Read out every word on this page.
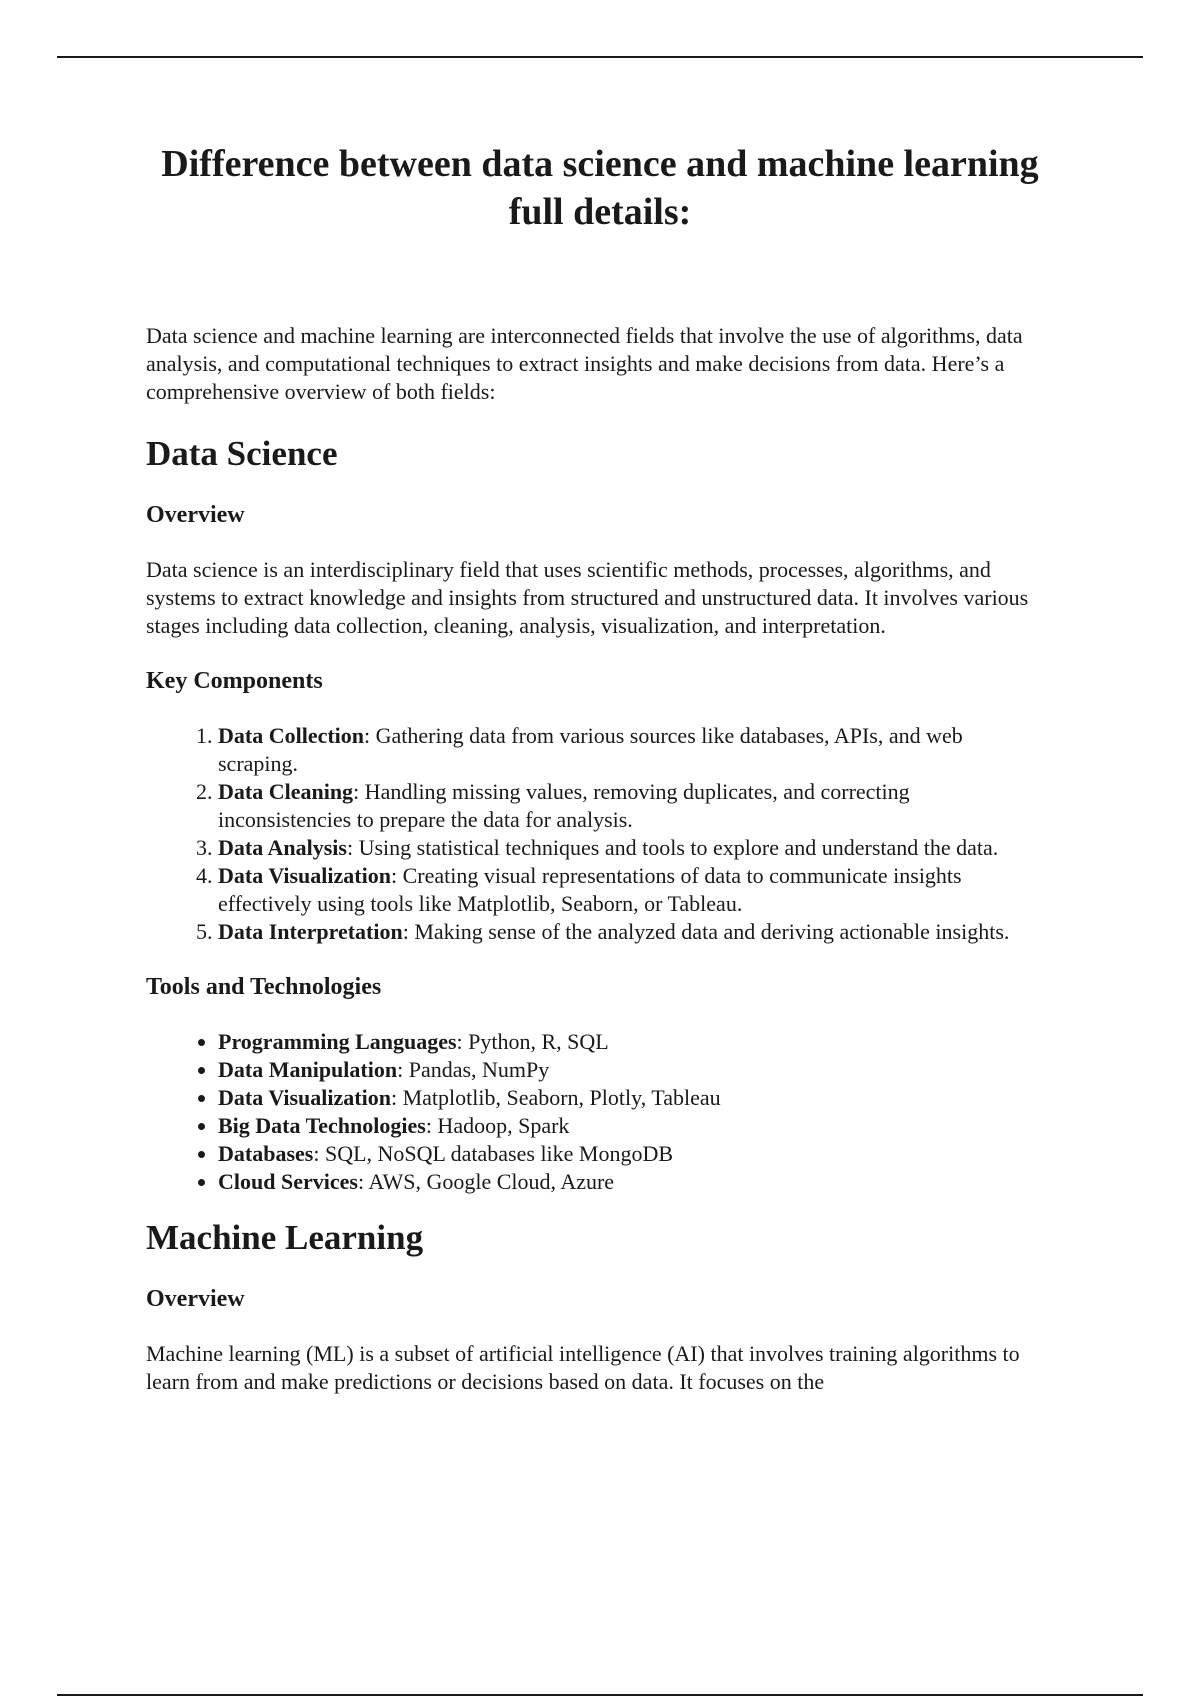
Difference between data science and machine learning full details:

Data science and machine learning are interconnected fields that involve the use of algorithms, data analysis, and computational techniques to extract insights and make decisions from data. Here’s a comprehensive overview of both fields:

Data Science
Overview

Data science is an interdisciplinary field that uses scientific methods, processes, algorithms, and systems to extract knowledge and insights from structured and unstructured data. It involves various stages including data collection, cleaning, analysis, visualization, and interpretation.

Key Components
1. Data Collection: Gathering data from various sources like databases, APIs, and web scraping.
2. Data Cleaning: Handling missing values, removing duplicates, and correcting inconsistencies to prepare the data for analysis.
3. Data Analysis: Using statistical techniques and tools to explore and understand the data.
4. Data Visualization: Creating visual representations of data to communicate insights effectively using tools like Matplotlib, Seaborn, or Tableau.
5. Data Interpretation: Making sense of the analyzed data and deriving actionable insights.
Tools and Technologies
• Programming Languages: Python, R, SQL
• Data Manipulation: Pandas, NumPy
• Data Visualization: Matplotlib, Seaborn, Plotly, Tableau
• Big Data Technologies: Hadoop, Spark
• Databases: SQL, NoSQL databases like MongoDB
• Cloud Services: AWS, Google Cloud, Azure
Machine Learning
Overview

Machine learning (ML) is a subset of artificial intelligence (AI) that involves training algorithms to learn from and make predictions or decisions based on data. It focuses on the
